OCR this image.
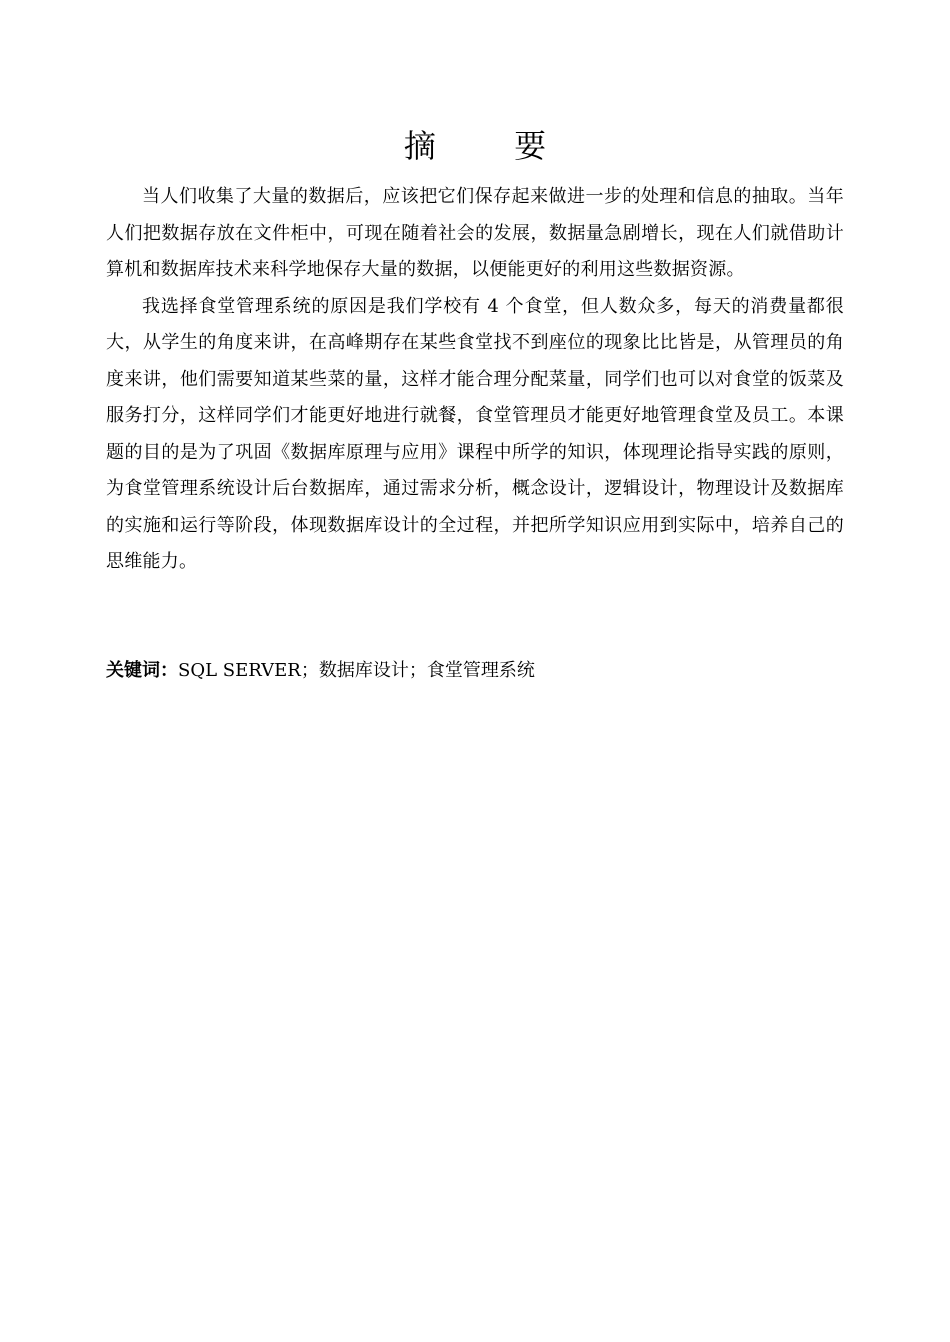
摘 要

当人们收集了大量的数据后，应该把它们保存起来做进一步的处理和信息的抽取。当年人们把数据存放在文件柜中，可现在随着社会的发展，数据量急剧增长，现在人们就借助计算机和数据库技术来科学地保存大量的数据，以便能更好的利用这些数据资源。

我选择食堂管理系统的原因是我们学校有 4 个食堂，但人数众多，每天的消费量都很大，从学生的角度来讲，在高峰期存在某些食堂找不到座位的现象比比皆是，从管理员的角度来讲，他们需要知道某些菜的量，这样才能合理分配菜量，同学们也可以对食堂的饭菜及服务打分，这样同学们才能更好地进行就餐，食堂管理员才能更好地管理食堂及员工。本课题的目的是为了巩固《数据库原理与应用》课程中所学的知识，体现理论指导实践的原则，为食堂管理系统设计后台数据库，通过需求分析，概念设计，逻辑设计，物理设计及数据库的实施和运行等阶段，体现数据库设计的全过程，并把所学知识应用到实际中，培养自己的思维能力。

关键词：SQL SERVER；数据库设计；食堂管理系统
